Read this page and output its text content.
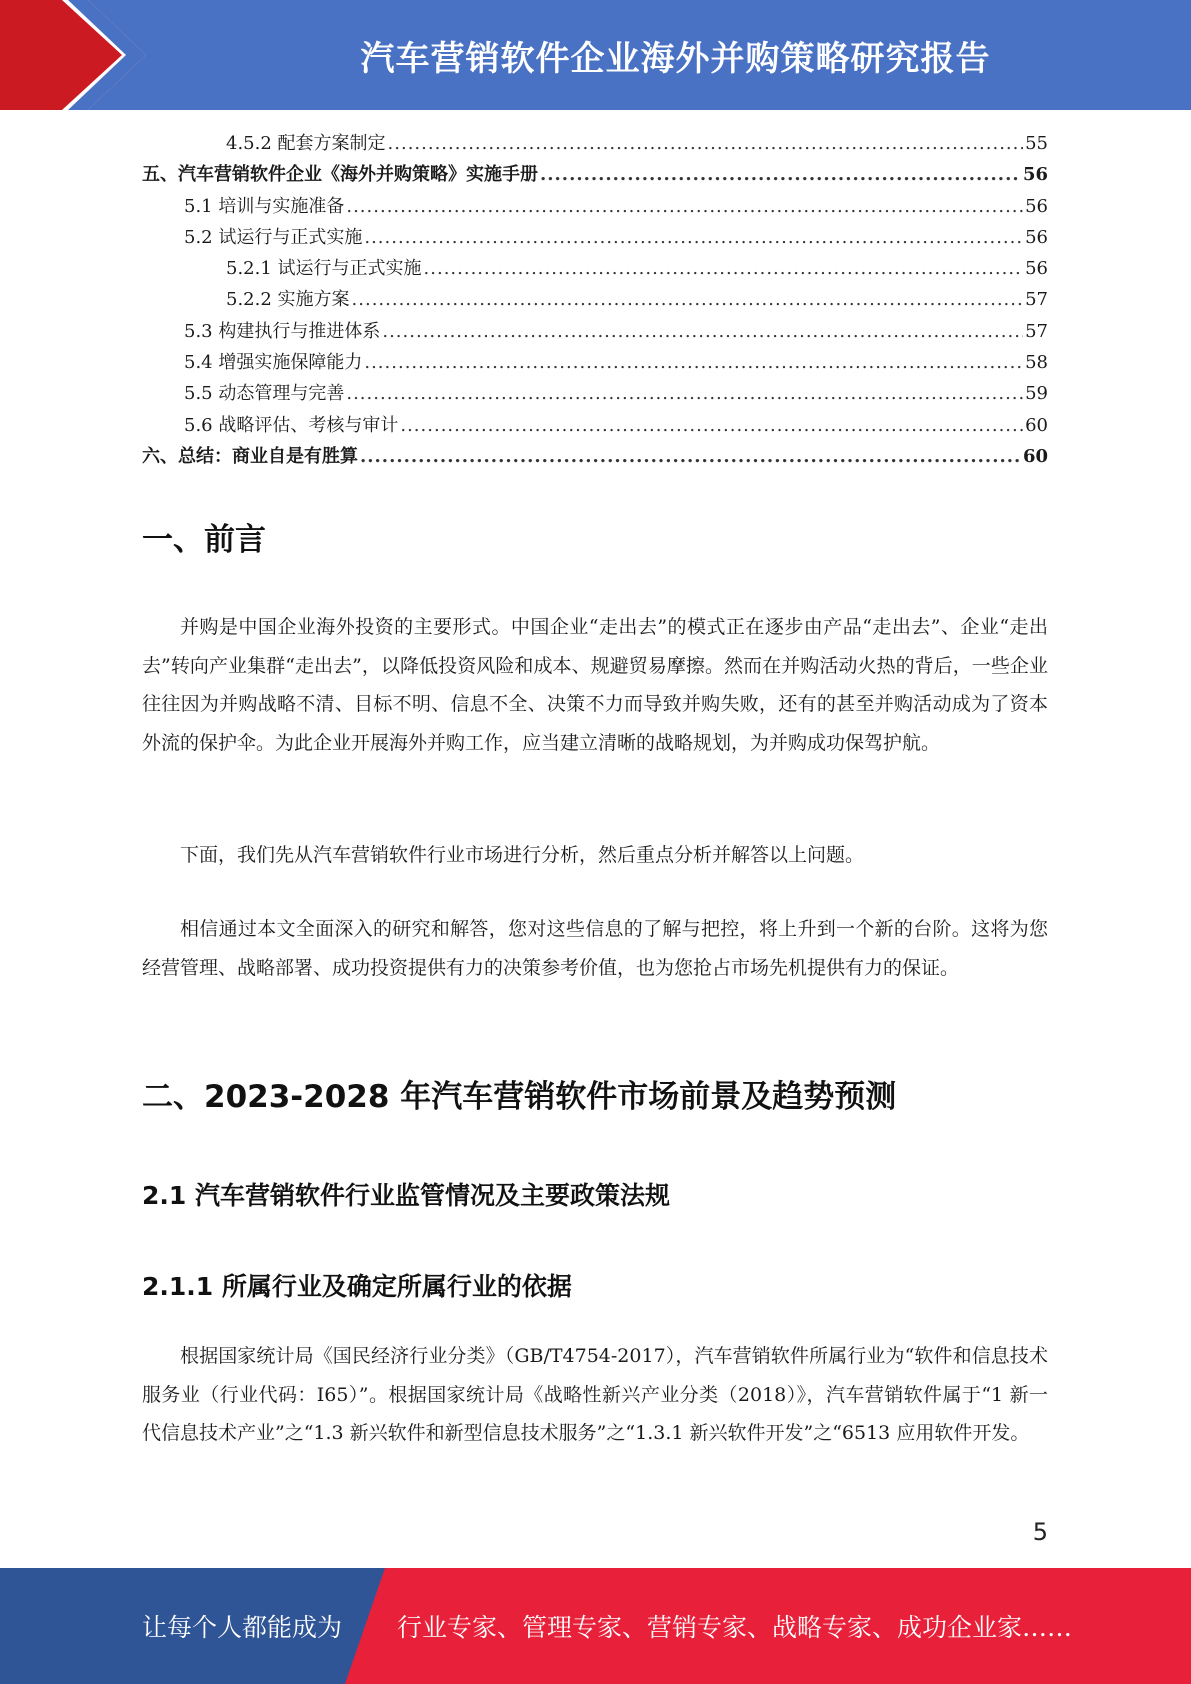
汽车营销软件企业海外并购策略研究报告
4.5.2 配套方案制定 .....	55
五、汽车营销软件企业《海外并购策略》实施手册 .....	56
5.1 培训与实施准备 .....	56
5.2 试运行与正式实施 .....	56
5.2.1 试运行与正式实施 .....	56
5.2.2 实施方案 .....	57
5.3 构建执行与推进体系 .....	57
5.4 增强实施保障能力 .....	58
5.5 动态管理与完善 .....	59
5.6 战略评估、考核与审计 .....	60
六、总结：商业自是有胜算 .....	60
一、前言

并购是中国企业海外投资的主要形式。中国企业“走出去”的模式正在逐步由产品“走出去”、企业“走出去”转向产业集群“走出去”，以降低投资风险和成本、规避贸易摩擦。然而在并购活动火热的背后，一些企业往往因为并购战略不清、目标不明、信息不全、决策不力而导致并购失败，还有的甚至并购活动成为了资本外流的保护伞。为此企业开展海外并购工作，应当建立清晰的战略规划，为并购成功保驾护航。

下面，我们先从汽车营销软件行业市场进行分析，然后重点分析并解答以上问题。

相信通过本文全面深入的研究和解答，您对这些信息的了解与把控，将上升到一个新的台阶。这将为您经营管理、战略部署、成功投资提供有力的决策参考价值，也为您抢占市场先机提供有力的保证。

二、2023-2028 年汽车营销软件市场前景及趋势预测
2.1 汽车营销软件行业监管情况及主要政策法规
2.1.1 所属行业及确定所属行业的依据

根据国家统计局《国民经济行业分类》（GB/T4754-2017），汽车营销软件所属行业为“软件和信息技术服务业（行业代码：I65）”。根据国家统计局《战略性新兴产业分类（2018）》，汽车营销软件属于“1 新一代信息技术产业”之“1.3 新兴软件和新型信息技术服务”之“1.3.1 新兴软件开发”之“6513 应用软件开发。

5
让每个人都能成为 行业专家、管理专家、营销专家、战略专家、成功企业家……
